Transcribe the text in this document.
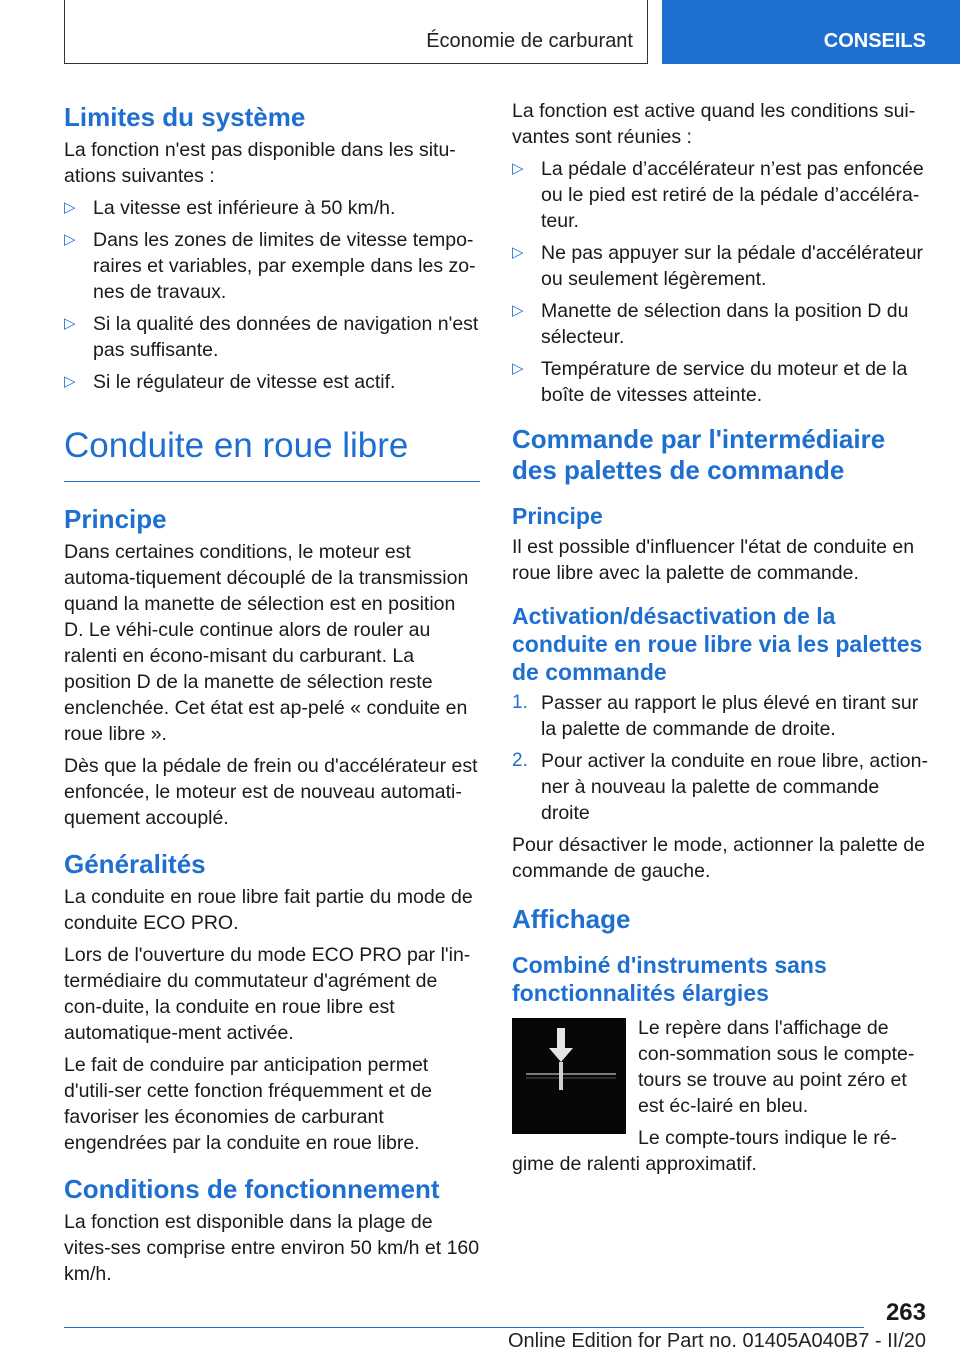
Économie de carburant	CONSEILS
Limites du système

La fonction n'est pas disponible dans les situ-ations suivantes :

▷ La vitesse est inférieure à 50 km/h.
▷ Dans les zones de limites de vitesse tempo-raires et variables, par exemple dans les zo-nes de travaux.
▷ Si la qualité des données de navigation n'est pas suffisante.
▷ Si le régulateur de vitesse est actif.
Conduite en roue libre
Principe

Dans certaines conditions, le moteur est automa-tiquement découplé de la transmission quand la manette de sélection est en position D. Le véhi-cule continue alors de rouler au ralenti en écono-misant du carburant. La position D de la manette de sélection reste enclenchée. Cet état est ap-pelé « conduite en roue libre ».

Dès que la pédale de frein ou d'accélérateur est enfoncée, le moteur est de nouveau automati-quement accouplé.

Généralités

La conduite en roue libre fait partie du mode de conduite ECO PRO.

Lors de l'ouverture du mode ECO PRO par l'in-termédiaire du commutateur d'agrément de con-duite, la conduite en roue libre est automatique-ment activée.

Le fait de conduire par anticipation permet d'utili-ser cette fonction fréquemment et de favoriser les économies de carburant engendrées par la conduite en roue libre.

Conditions de fonctionnement

La fonction est disponible dans la plage de vites-ses comprise entre environ 50 km/h et 160 km/h.

La fonction est active quand les conditions sui-vantes sont réunies :

▷ La pédale d’accélérateur n’est pas enfoncée ou le pied est retiré de la pédale d’accéléra-teur.
▷ Ne pas appuyer sur la pédale d'accélérateur ou seulement légèrement.
▷ Manette de sélection dans la position D du sélecteur.
▷ Température de service du moteur et de la boîte de vitesses atteinte.
Commande par l'intermédiaire des palettes de commande
Principe

Il est possible d'influencer l'état de conduite en roue libre avec la palette de commande.

Activation/désactivation de la conduite en roue libre via les palettes de commande
1. Passer au rapport le plus élevé en tirant sur la palette de commande de droite.
2. Pour activer la conduite en roue libre, action-ner à nouveau la palette de commande droite

Pour désactiver le mode, actionner la palette de commande de gauche.

Affichage
Combiné d'instruments sans fonctionnalités élargies

Le repère dans l'affichage de con-sommation sous le compte-tours se trouve au point zéro et est éc-lairé en bleu.

Le compte-tours indique le ré-gime de ralenti approximatif.

263
Online Edition for Part no. 01405A040B7 - II/20
